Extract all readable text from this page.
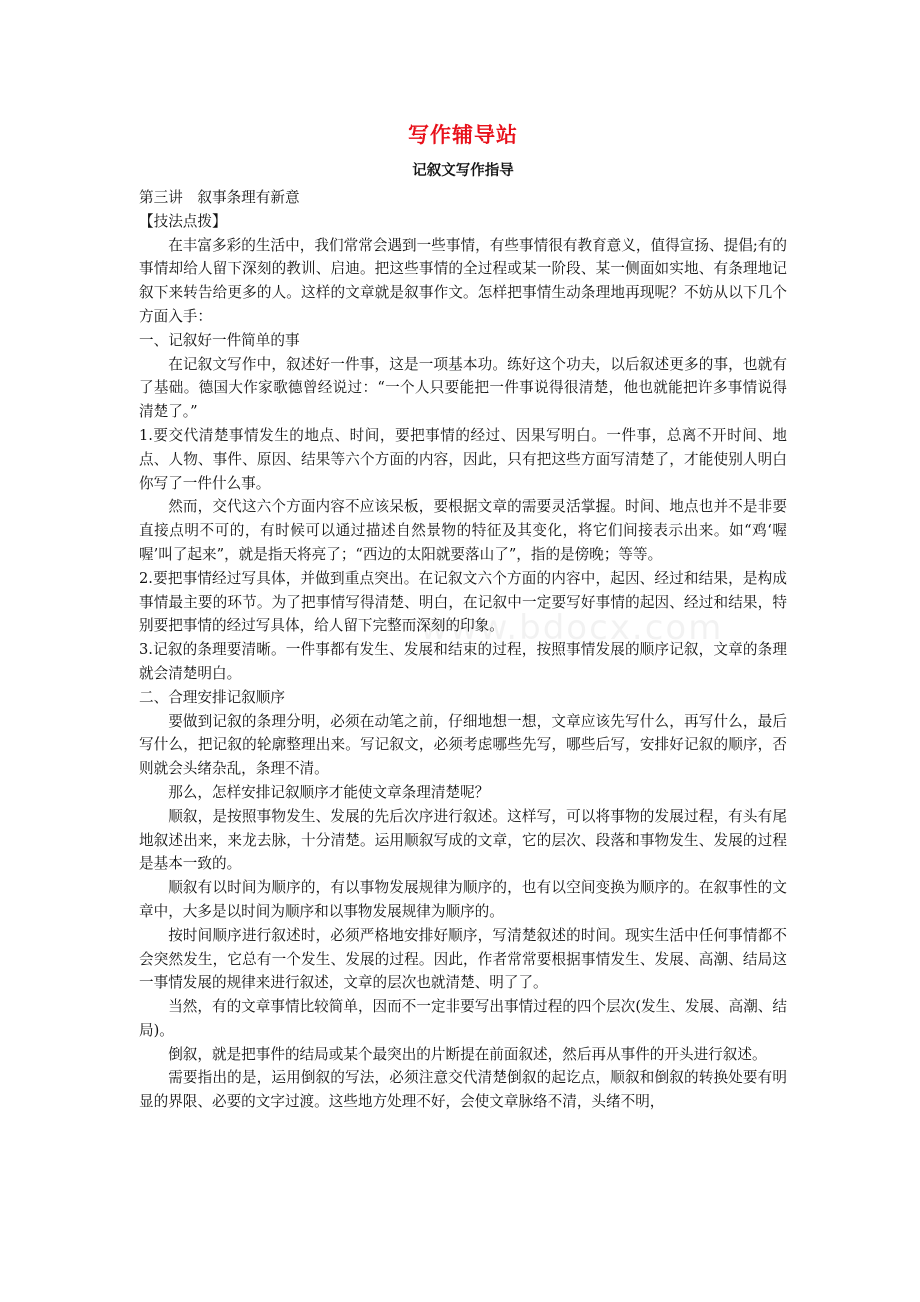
www.bdocx.com
写作辅导站
记叙文写作指导

第三讲　叙事条理有新意

【技法点拨】

在丰富多彩的生活中，我们常常会遇到一些事情，有些事情很有教育意义，值得宣扬、提倡;有的事情却给人留下深刻的教训、启迪。把这些事情的全过程或某一阶段、某一侧面如实地、有条理地记叙下来转告给更多的人。这样的文章就是叙事作文。怎样把事情生动条理地再现呢？不妨从以下几个方面入手：

一、记叙好一件简单的事

在记叙文写作中，叙述好一件事，这是一项基本功。练好这个功夫，以后叙述更多的事，也就有了基础。德国大作家歌德曾经说过：“一个人只要能把一件事说得很清楚，他也就能把许多事情说得清楚了。”

1.要交代清楚事情发生的地点、时间，要把事情的经过、因果写明白。一件事，总离不开时间、地点、人物、事件、原因、结果等六个方面的内容，因此，只有把这些方面写清楚了，才能使别人明白你写了一件什么事。

然而，交代这六个方面内容不应该呆板，要根据文章的需要灵活掌握。时间、地点也并不是非要直接点明不可的，有时候可以通过描述自然景物的特征及其变化，将它们间接表示出来。如“鸡‘喔喔’叫了起来”，就是指天将亮了；“西边的太阳就要落山了”，指的是傍晚；等等。

2.要把事情经过写具体，并做到重点突出。在记叙文六个方面的内容中，起因、经过和结果，是构成事情最主要的环节。为了把事情写得清楚、明白，在记叙中一定要写好事情的起因、经过和结果，特别要把事情的经过写具体，给人留下完整而深刻的印象。

3.记叙的条理要清晰。一件事都有发生、发展和结束的过程，按照事情发展的顺序记叙，文章的条理就会清楚明白。

二、合理安排记叙顺序

要做到记叙的条理分明，必须在动笔之前，仔细地想一想，文章应该先写什么，再写什么，最后写什么，把记叙的轮廓整理出来。写记叙文，必须考虑哪些先写，哪些后写，安排好记叙的顺序，否则就会头绪杂乱，条理不清。

那么，怎样安排记叙顺序才能使文章条理清楚呢？

顺叙，是按照事物发生、发展的先后次序进行叙述。这样写，可以将事物的发展过程，有头有尾地叙述出来，来龙去脉，十分清楚。运用顺叙写成的文章，它的层次、段落和事物发生、发展的过程是基本一致的。

顺叙有以时间为顺序的，有以事物发展规律为顺序的，也有以空间变换为顺序的。在叙事性的文章中，大多是以时间为顺序和以事物发展规律为顺序的。

按时间顺序进行叙述时，必须严格地安排好顺序，写清楚叙述的时间。现实生活中任何事情都不会突然发生，它总有一个发生、发展的过程。因此，作者常常要根据事情发生、发展、高潮、结局这一事情发展的规律来进行叙述，文章的层次也就清楚、明了了。

当然，有的文章事情比较简单，因而不一定非要写出事情过程的四个层次(发生、发展、高潮、结局)。

倒叙，就是把事件的结局或某个最突出的片断提在前面叙述，然后再从事件的开头进行叙述。

需要指出的是，运用倒叙的写法，必须注意交代清楚倒叙的起讫点，顺叙和倒叙的转换处要有明显的界限、必要的文字过渡。这些地方处理不好，会使文章脉络不清，头绪不明，
